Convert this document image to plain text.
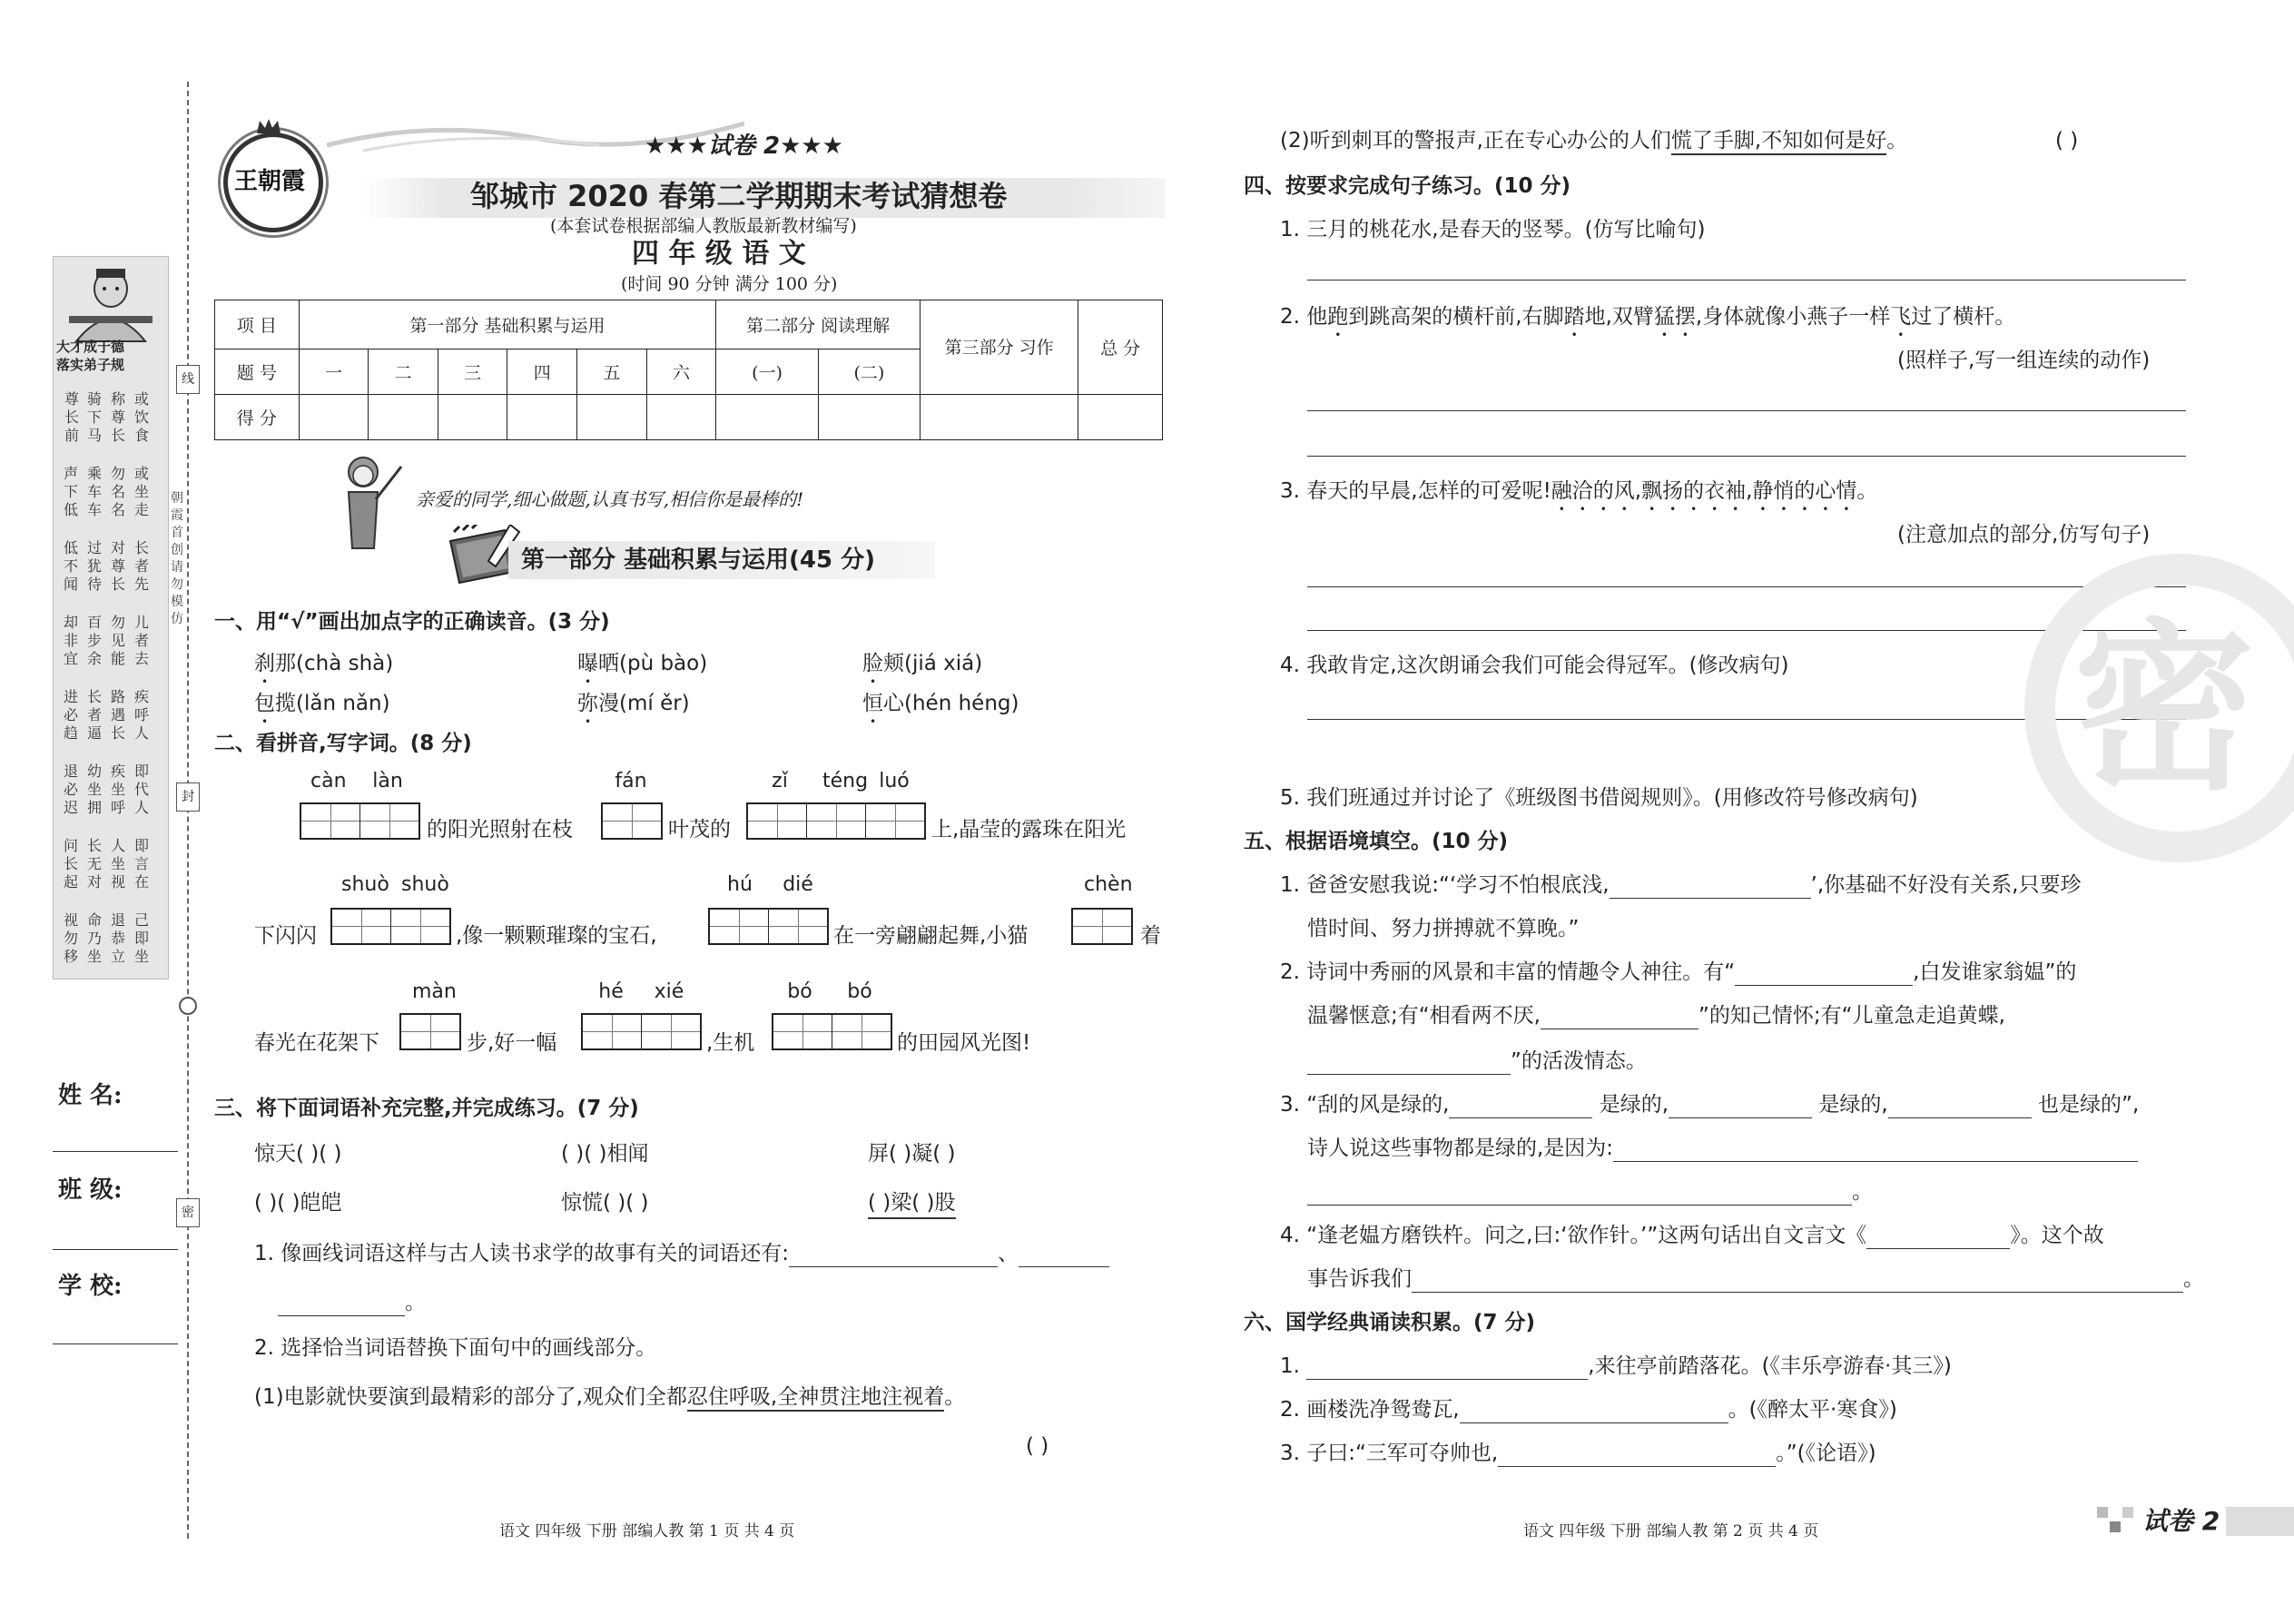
大才成于德
落实弟子规
尊
长
前
骑
下
马
称
尊
长
或
饮
食
声
下
低
乘
车
车
勿
名
名
或
坐
走
低
不
闻
过
犹
待
对
尊
长
长
者
先
却
非
宜
百
步
余
勿
见
能
儿
者
去
进
必
趋
长
者
逼
路
遇
长
疾
呼
人
退
必
迟
幼
坐
拥
疾
坐
呼
即
代
人
问
长
起
长
无
对
人
坐
视
即
言
在
视
勿
移
命
乃
坐
退
恭
立
己
即
坐
线
朝霞首创 请勿模仿
封
密
姓 名:
班 级:
学 校:
王朝霞
★★★试卷 2★★★
邹城市 2020 春第二学期期末考试猜想卷
(本套试卷根据部编人教版最新教材编写)
四 年 级 语 文
(时间 90 分钟 满分 100 分)
项 目	第一部分 基础积累与运用						第二部分 阅读理解		第三部分 习作	总 分
题 号	一	二	三	四	五	六	(一)	(二)		
得 分										
亲爱的同学,细心做题,认真书写,相信你是最棒的!
第一部分 基础积累与运用(45 分)
一、用“√”画出加点字的正确读音。(3 分)
刹那(chà shà)	曝晒(pù bào)	脸颊(jiá xiá)
包揽(lǎn nǎn)	弥漫(mí ěr)	恒心(hén héng)
二、看拼音,写字词。(8 分)
càn làn
的阳光照射在枝
fán
叶茂的
zǐ	téng luó
上,晶莹的露珠在阳光
shuò shuò
下闪闪	,像一颗颗璀璨的宝石,
hú dié
在一旁翩翩起舞,小猫
chèn
着
màn
春光在花架下	步,好一幅
hé xié
,生机
bó bó
的田园风光图!
三、将下面词语补充完整,并完成练习。(7 分)
惊天( )( )	( )( )相闻	屏( )凝( )
( )( )皑皑	惊慌( )( )	( )梁( )股
1. 像画线词语这样与古人读书求学的故事有关的词语还有:	、
。
2. 选择恰当词语替换下面句中的画线部分。
(1)电影就快要演到最精彩的部分了,观众们全都忍住呼吸,全神贯注地注视着。
( )
语文 四年级 下册 部编人教 第 1 页 共 4 页
(2)听到刺耳的警报声,正在专心办公的人们慌了手脚,不知如何是好。	( )
四、按要求完成句子练习。(10 分)
1. 三月的桃花水,是春天的竖琴。(仿写比喻句)
2. 他跑到跳高架的横杆前,右脚踏地,双臂猛摆,身体就像小燕子一样飞过了横杆。
(照样子,写一组连续的动作)
3. 春天的早晨,怎样的可爱呢!融洽的风,飘扬的衣袖,静悄的心情。
(注意加点的部分,仿写句子)
4. 我敢肯定,这次朗诵会我们可能会得冠军。(修改病句)
5. 我们班通过并讨论了《班级图书借阅规则》。(用修改符号修改病句)
五、根据语境填空。(10 分)
1. 爸爸安慰我说:“‘学习不怕根底浅,	’,你基础不好没有关系,只要珍
惜时间、努力拼搏就不算晚。”
2. 诗词中秀丽的风景和丰富的情趣令人神往。有“	,白发谁家翁媪”的
温馨惬意;有“相看两不厌,	”的知己情怀;有“儿童急走追黄蝶,
”的活泼情态。
3. “刮的风是绿的,	是绿的,	是绿的,	也是绿的”,
诗人说这些事物都是绿的,是因为:
。
4. “逢老媪方磨铁杵。问之,曰:‘欲作针。’”这两句话出自文言文《	》。这个故
事告诉我们	。
六、国学经典诵读积累。(7 分)
1.	,来往亭前踏落花。(《丰乐亭游春·其三》)
2. 画楼洗净鸳鸯瓦,	。(《醉太平·寒食》)
3. 子曰:“三军可夺帅也,	。”(《论语》)
密
语文 四年级 下册 部编人教 第 2 页 共 4 页	试卷 2
